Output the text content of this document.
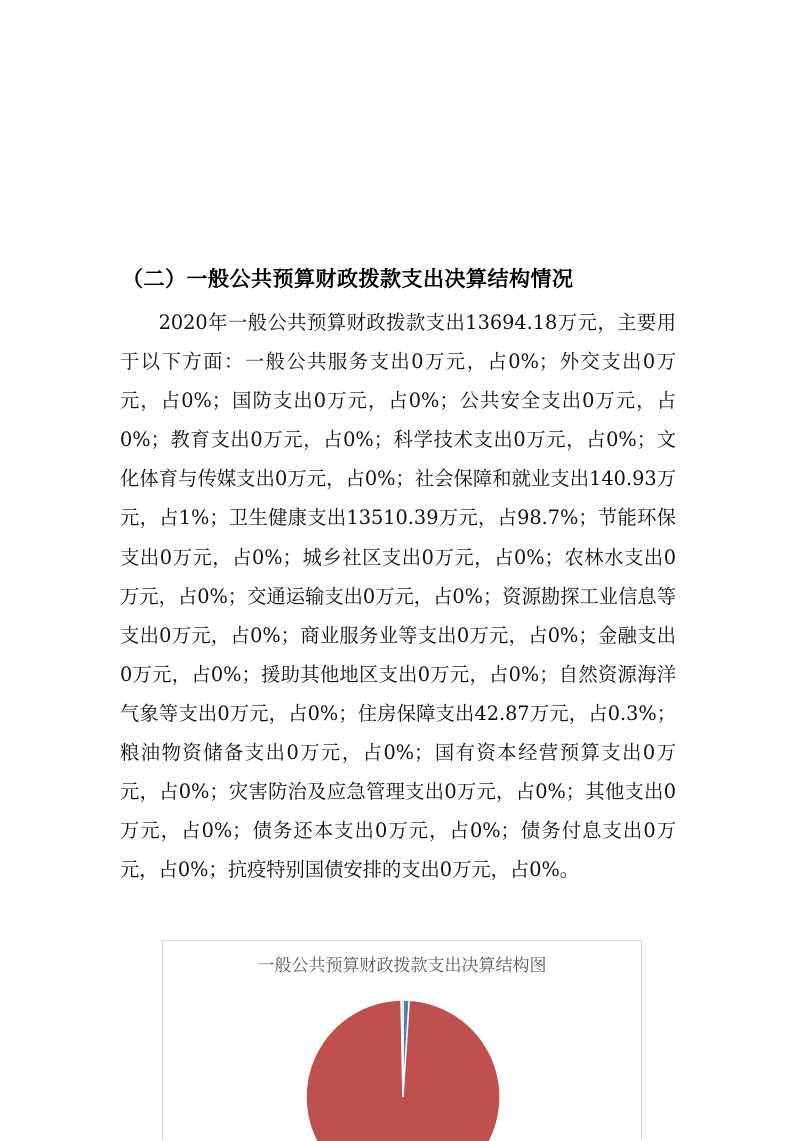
（二）一般公共预算财政拨款支出决算结构情况
2020年一般公共预算财政拨款支出13694.18万元，主要用于以下方面：一般公共服务支出0万元，占0%；外交支出0万元，占0%；国防支出0万元，占0%；公共安全支出0万元，占0%；教育支出0万元，占0%；科学技术支出0万元，占0%；文化体育与传媒支出0万元，占0%；社会保障和就业支出140.93万元，占1%；卫生健康支出13510.39万元，占98.7%；节能环保支出0万元，占0%；城乡社区支出0万元，占0%；农林水支出0万元，占0%；交通运输支出0万元，占0%；资源勘探工业信息等支出0万元，占0%；商业服务业等支出0万元，占0%；金融支出0万元，占0%；援助其他地区支出0万元，占0%；自然资源海洋气象等支出0万元，占0%；住房保障支出42.87万元，占0.3%；粮油物资储备支出0万元，占0%；国有资本经营预算支出0万元，占0%；灾害防治及应急管理支出0万元，占0%；其他支出0万元，占0%；债务还本支出0万元，占0%；债务付息支出0万元，占0%；抗疫特别国债安排的支出0万元，占0%。
一般公共预算财政拨款支出决算结构图
